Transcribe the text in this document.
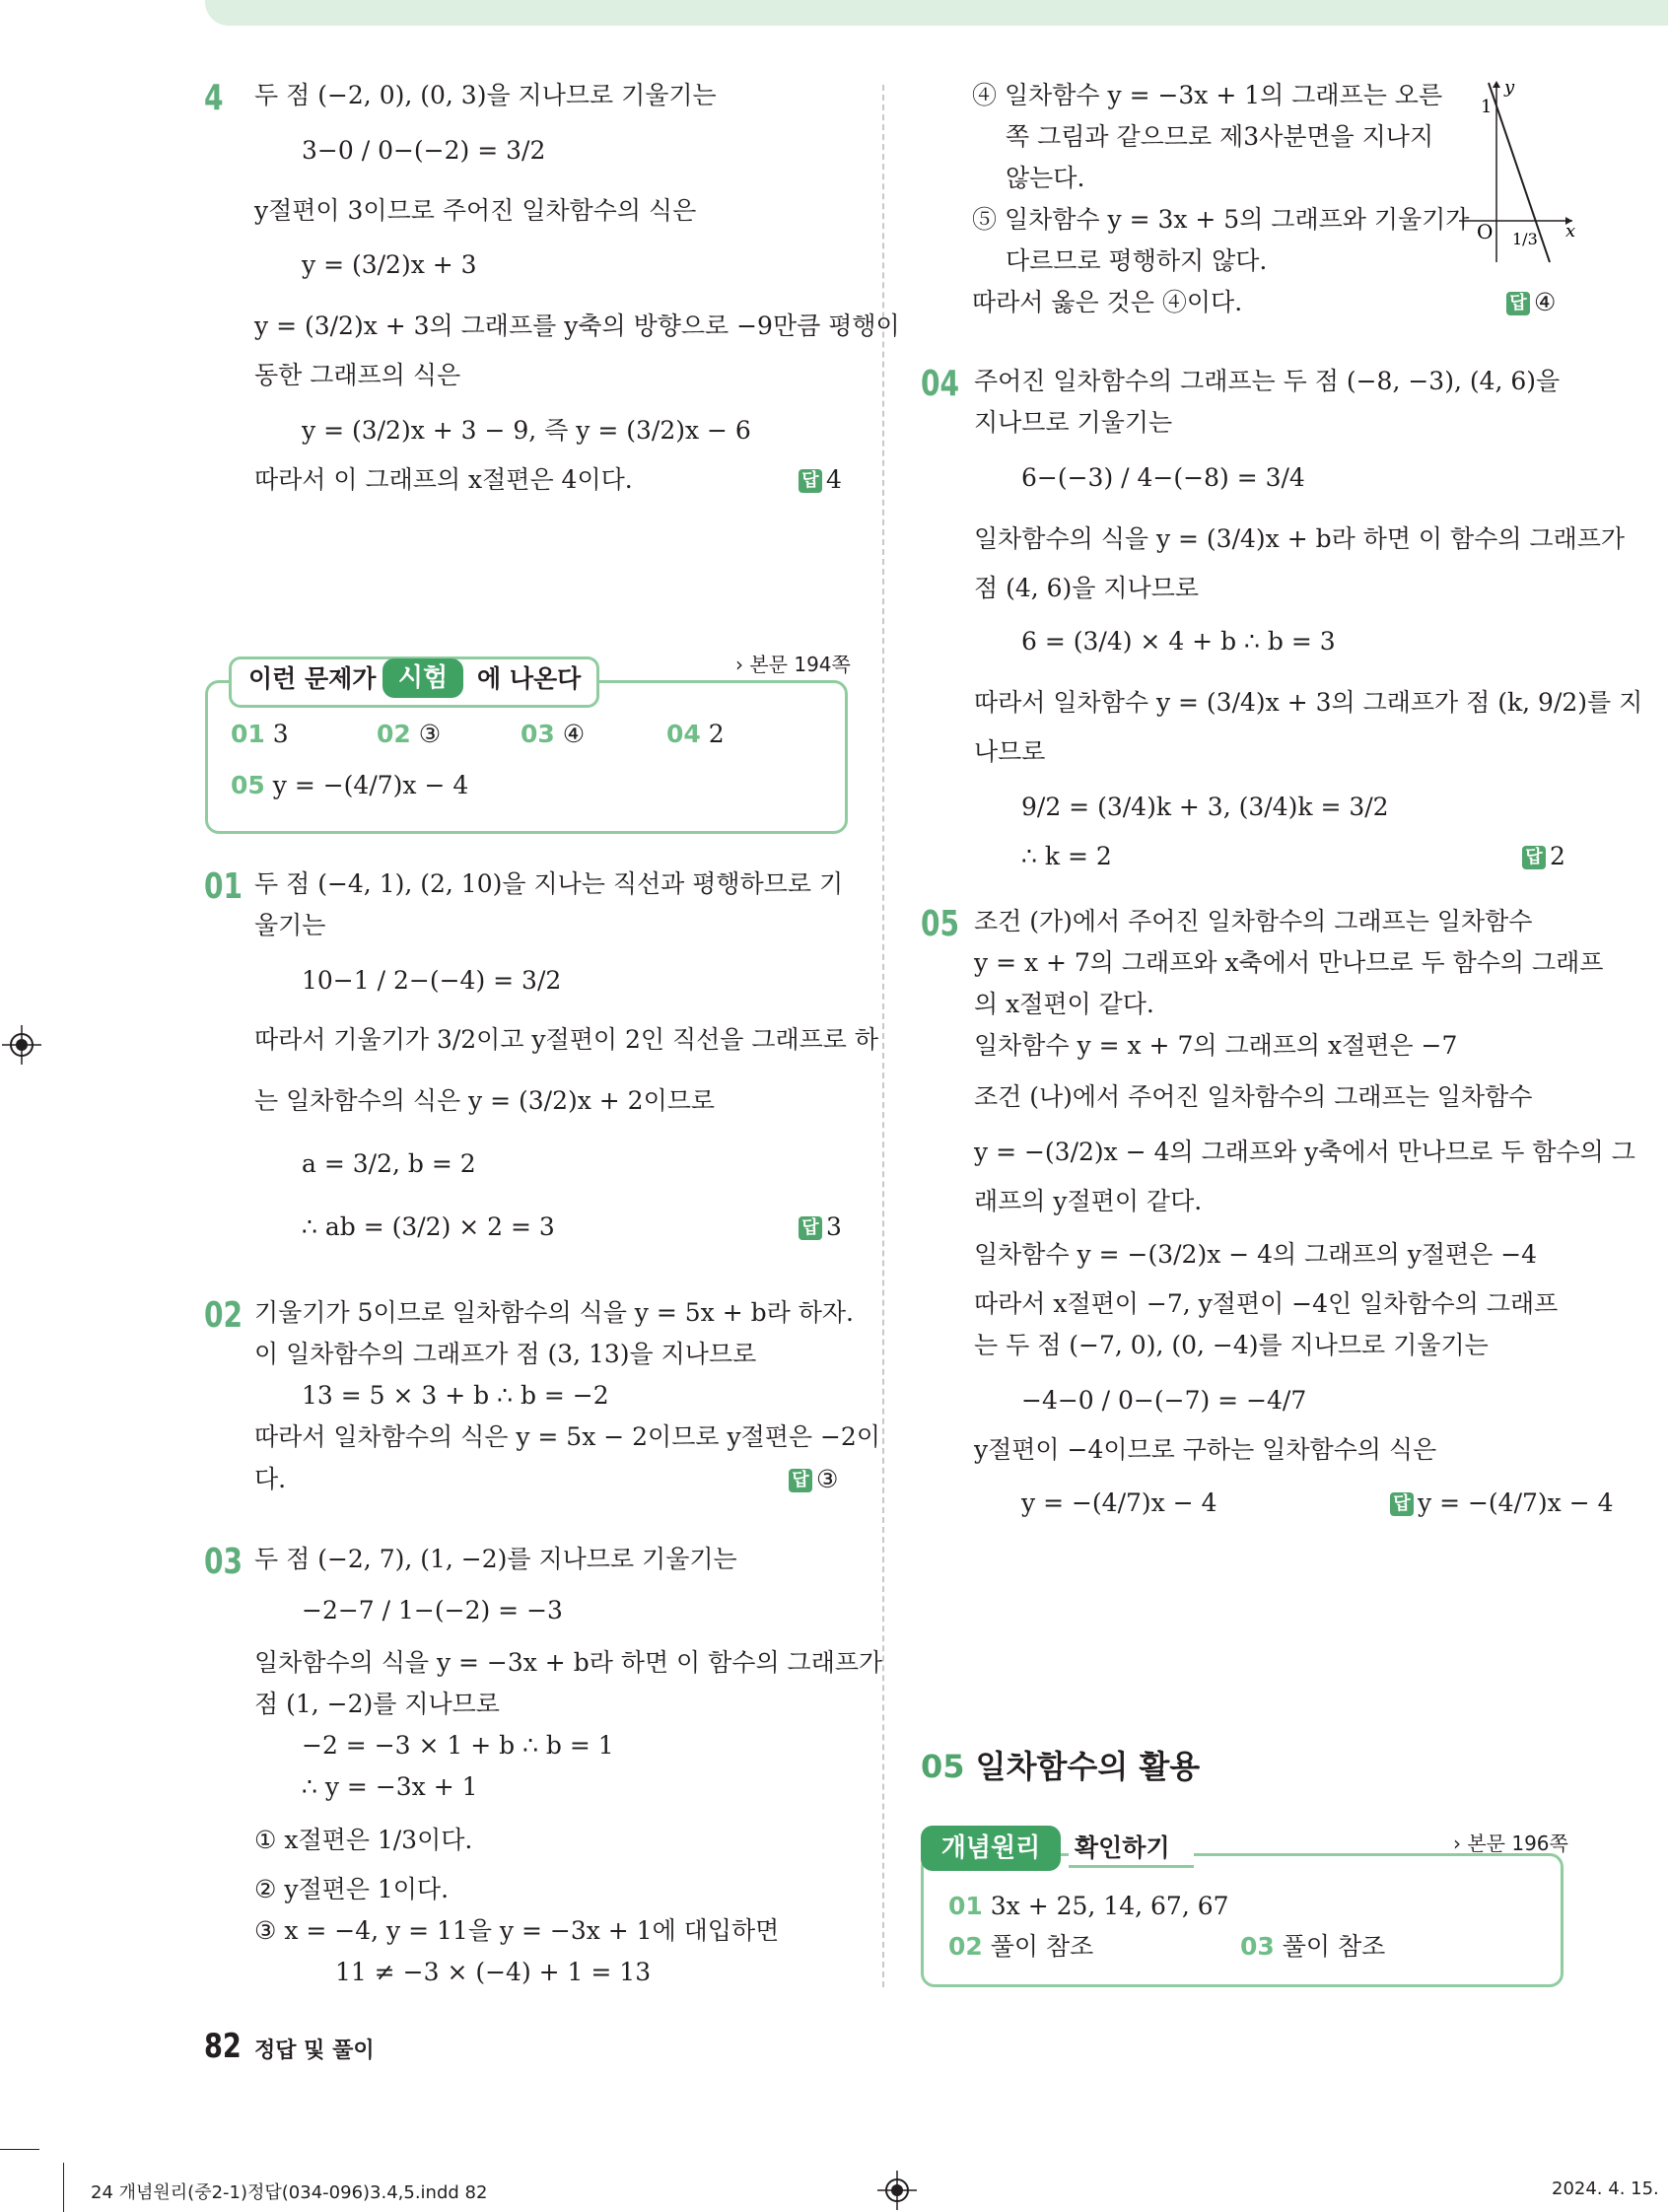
4 두 점 (−2, 0), (0, 3)을 지나므로 기울기는
3−0 / 0−(−2) = 3/2
y절편이 3이므로 주어진 일차함수의 식은
y = (3/2)x + 3
y = (3/2)x + 3의 그래프를 y축의 방향으로 −9만큼 평행이
동한 그래프의 식은
y = (3/2)x + 3 − 9, 즉 y = (3/2)x − 6
따라서 이 그래프의 x절편은 4이다.	답 4
이런 문제가 시험	에 나온다	› 본문 194쪽
01 3	02 ③	03 ④	04 2
05 y = −(4/7)x − 4
01 두 점 (−4, 1), (2, 10)을 지나는 직선과 평행하므로 기
울기는
10−1 / 2−(−4) = 3/2
따라서 기울기가 3/2이고 y절편이 2인 직선을 그래프로 하
는 일차함수의 식은 y = (3/2)x + 2이므로
a = 3/2, b = 2
∴ ab = (3/2) × 2 = 3	답 3
02 기울기가 5이므로 일차함수의 식을 y = 5x + b라 하자.
이 일차함수의 그래프가 점 (3, 13)을 지나므로
13 = 5 × 3 + b ∴ b = −2
따라서 일차함수의 식은 y = 5x − 2이므로 y절편은 −2이
다.	답 ③
03 두 점 (−2, 7), (1, −2)를 지나므로 기울기는
−2−7 / 1−(−2) = −3
일차함수의 식을 y = −3x + b라 하면 이 함수의 그래프가
점 (1, −2)를 지나므로
−2 = −3 × 1 + b ∴ b = 1
∴ y = −3x + 1
① x절편은 1/3이다.
② y절편은 1이다.
③ x = −4, y = 11을 y = −3x + 1에 대입하면
11 ≠ −3 × (−4) + 1 = 13
④ 일차함수 y = −3x + 1의 그래프는 오른
쪽 그림과 같으므로 제3사분면을 지나지
않는다.
⑤ 일차함수 y = 3x + 5의 그래프와 기울기가
다르므로 평행하지 않다.
따라서 옳은 것은 ④이다.	답 ④
y
x
1
O 1/3
04 주어진 일차함수의 그래프는 두 점 (−8, −3), (4, 6)을
지나므로 기울기는
6−(−3) / 4−(−8) = 3/4
일차함수의 식을 y = (3/4)x + b라 하면 이 함수의 그래프가
점 (4, 6)을 지나므로
6 = (3/4) × 4 + b ∴ b = 3
따라서 일차함수 y = (3/4)x + 3의 그래프가 점 (k, 9/2)를 지
나므로
9/2 = (3/4)k + 3, (3/4)k = 3/2
∴ k = 2	답 2
05 조건 (가)에서 주어진 일차함수의 그래프는 일차함수
y = x + 7의 그래프와 x축에서 만나므로 두 함수의 그래프
의 x절편이 같다.
일차함수 y = x + 7의 그래프의 x절편은 −7
조건 (나)에서 주어진 일차함수의 그래프는 일차함수
y = −(3/2)x − 4의 그래프와 y축에서 만나므로 두 함수의 그
래프의 y절편이 같다.
일차함수 y = −(3/2)x − 4의 그래프의 y절편은 −4
따라서 x절편이 −7, y절편이 −4인 일차함수의 그래프
는 두 점 (−7, 0), (0, −4)를 지나므로 기울기는
−4−0 / 0−(−7) = −4/7
y절편이 −4이므로 구하는 일차함수의 식은
y = −(4/7)x − 4	답 y = −(4/7)x − 4
05 일차함수의 활용
개념원리	확인하기	› 본문 196쪽
01 3x + 25, 14, 67, 67
02 풀이 참조	03 풀이 참조
82 정답 및 풀이
24 개념원리(중2-1)정답(034-096)3.4,5.indd 82	2024. 4. 15.
